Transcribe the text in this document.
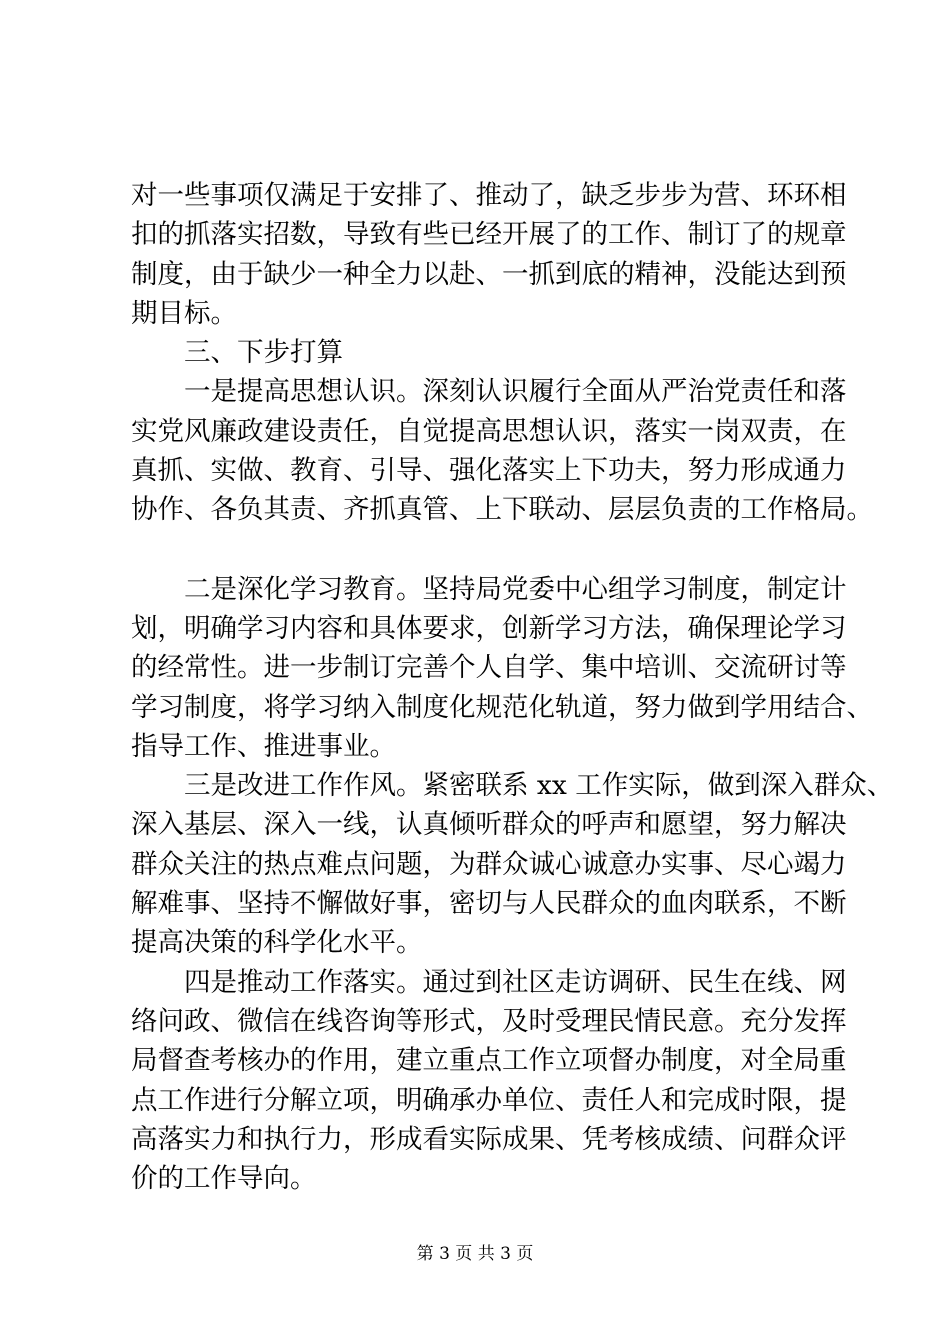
对一些事项仅满足于安排了、推动了，缺乏步步为营、环环相
扣的抓落实招数，导致有些已经开展了的工作、制订了的规章
制度，由于缺少一种全力以赴、一抓到底的精神，没能达到预
期目标。
三、下步打算
一是提高思想认识。深刻认识履行全面从严治党责任和落
实党风廉政建设责任，自觉提高思想认识，落实一岗双责，在
真抓、实做、教育、引导、强化落实上下功夫，努力形成通力
协作、各负其责、齐抓真管、上下联动、层层负责的工作格局。
二是深化学习教育。坚持局党委中心组学习制度，制定计
划，明确学习内容和具体要求，创新学习方法，确保理论学习
的经常性。进一步制订完善个人自学、集中培训、交流研讨等
学习制度，将学习纳入制度化规范化轨道，努力做到学用结合、
指导工作、推进事业。
三是改进工作作风。紧密联系 xx 工作实际，做到深入群众、
深入基层、深入一线，认真倾听群众的呼声和愿望，努力解决
群众关注的热点难点问题，为群众诚心诚意办实事、尽心竭力
解难事、坚持不懈做好事，密切与人民群众的血肉联系，不断
提高决策的科学化水平。
四是推动工作落实。通过到社区走访调研、民生在线、网
络问政、微信在线咨询等形式，及时受理民情民意。充分发挥
局督查考核办的作用，建立重点工作立项督办制度，对全局重
点工作进行分解立项，明确承办单位、责任人和完成时限，提
高落实力和执行力，形成看实际成果、凭考核成绩、问群众评
价的工作导向。
第 3 页 共 3 页
